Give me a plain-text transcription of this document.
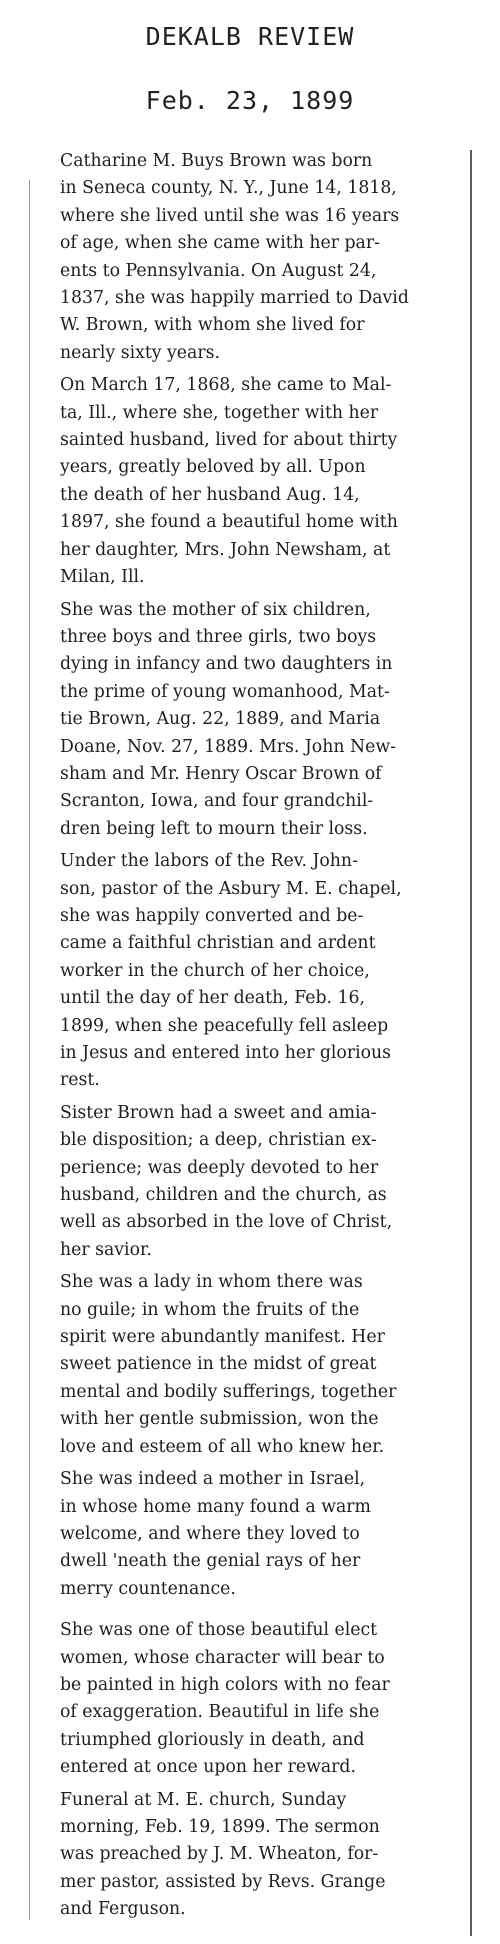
DEKALB REVIEW
Feb. 23, 1899

Catharine M. Buys Brown was born
in Seneca county, N. Y., June 14, 1818,
where she lived until she was 16 years
of age, when she came with her par-
ents to Pennsylvania. On August 24,
1837, she was happily married to David
W. Brown, with whom she lived for
nearly sixty years.

On March 17, 1868, she came to Mal-
ta, Ill., where she, together with her
sainted husband, lived for about thirty
years, greatly beloved by all. Upon
the death of her husband Aug. 14,
1897, she found a beautiful home with
her daughter, Mrs. John Newsham, at
Milan, Ill.

She was the mother of six children,
three boys and three girls, two boys
dying in infancy and two daughters in
the prime of young womanhood, Mat-
tie Brown, Aug. 22, 1889, and Maria
Doane, Nov. 27, 1889. Mrs. John New-
sham and Mr. Henry Oscar Brown of
Scranton, Iowa, and four grandchil-
dren being left to mourn their loss.

Under the labors of the Rev. John-
son, pastor of the Asbury M. E. chapel,
she was happily converted and be-
came a faithful christian and ardent
worker in the church of her choice,
until the day of her death, Feb. 16,
1899, when she peacefully fell asleep
in Jesus and entered into her glorious
rest.

Sister Brown had a sweet and amia-
ble disposition; a deep, christian ex-
perience; was deeply devoted to her
husband, children and the church, as
well as absorbed in the love of Christ,
her savior.

She was a lady in whom there was
no guile; in whom the fruits of the
spirit were abundantly manifest. Her
sweet patience in the midst of great
mental and bodily sufferings, together
with her gentle submission, won the
love and esteem of all who knew her.

She was indeed a mother in Israel,
in whose home many found a warm
welcome, and where they loved to
dwell 'neath the genial rays of her
merry countenance.

She was one of those beautiful elect
women, whose character will bear to
be painted in high colors with no fear
of exaggeration. Beautiful in life she
triumphed gloriously in death, and
entered at once upon her reward.

Funeral at M. E. church, Sunday
morning, Feb. 19, 1899. The sermon
was preached by J. M. Wheaton, for-
mer pastor, assisted by Revs. Grange
and Ferguson.
